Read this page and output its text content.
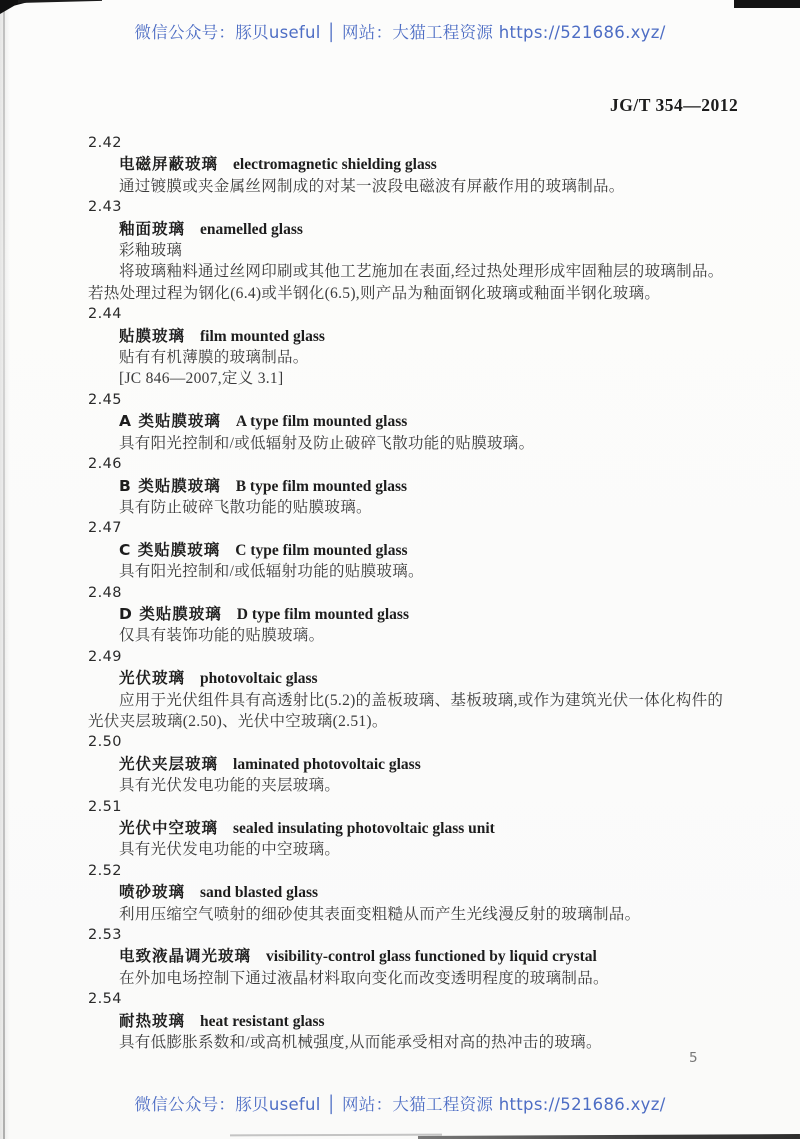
微信公众号：豚贝useful │ 网站：大猫工程资源 https://521686.xyz/
JG/T 354—2012
2.42
电磁屏蔽玻璃 electromagnetic shielding glass
通过镀膜或夹金属丝网制成的对某一波段电磁波有屏蔽作用的玻璃制品。
2.43
釉面玻璃 enamelled glass
彩釉玻璃
将玻璃釉料通过丝网印刷或其他工艺施加在表面,经过热处理形成牢固釉层的玻璃制品。若热处理过程为钢化(6.4)或半钢化(6.5),则产品为釉面钢化玻璃或釉面半钢化玻璃。
2.44
贴膜玻璃 film mounted glass
贴有有机薄膜的玻璃制品。
[JC 846—2007,定义 3.1]
2.45
A 类贴膜玻璃 A type film mounted glass
具有阳光控制和/或低辐射及防止破碎飞散功能的贴膜玻璃。
2.46
B 类贴膜玻璃 B type film mounted glass
具有防止破碎飞散功能的贴膜玻璃。
2.47
C 类贴膜玻璃 C type film mounted glass
具有阳光控制和/或低辐射功能的贴膜玻璃。
2.48
D 类贴膜玻璃 D type film mounted glass
仅具有装饰功能的贴膜玻璃。
2.49
光伏玻璃 photovoltaic glass
应用于光伏组件具有高透射比(5.2)的盖板玻璃、基板玻璃,或作为建筑光伏一体化构件的光伏夹层玻璃(2.50)、光伏中空玻璃(2.51)。
2.50
光伏夹层玻璃 laminated photovoltaic glass
具有光伏发电功能的夹层玻璃。
2.51
光伏中空玻璃 sealed insulating photovoltaic glass unit
具有光伏发电功能的中空玻璃。
2.52
喷砂玻璃 sand blasted glass
利用压缩空气喷射的细砂使其表面变粗糙从而产生光线漫反射的玻璃制品。
2.53
电致液晶调光玻璃 visibility-control glass functioned by liquid crystal
在外加电场控制下通过液晶材料取向变化而改变透明程度的玻璃制品。
2.54
耐热玻璃 heat resistant glass
具有低膨胀系数和/或高机械强度,从而能承受相对高的热冲击的玻璃。
5
微信公众号：豚贝useful │ 网站：大猫工程资源 https://521686.xyz/
